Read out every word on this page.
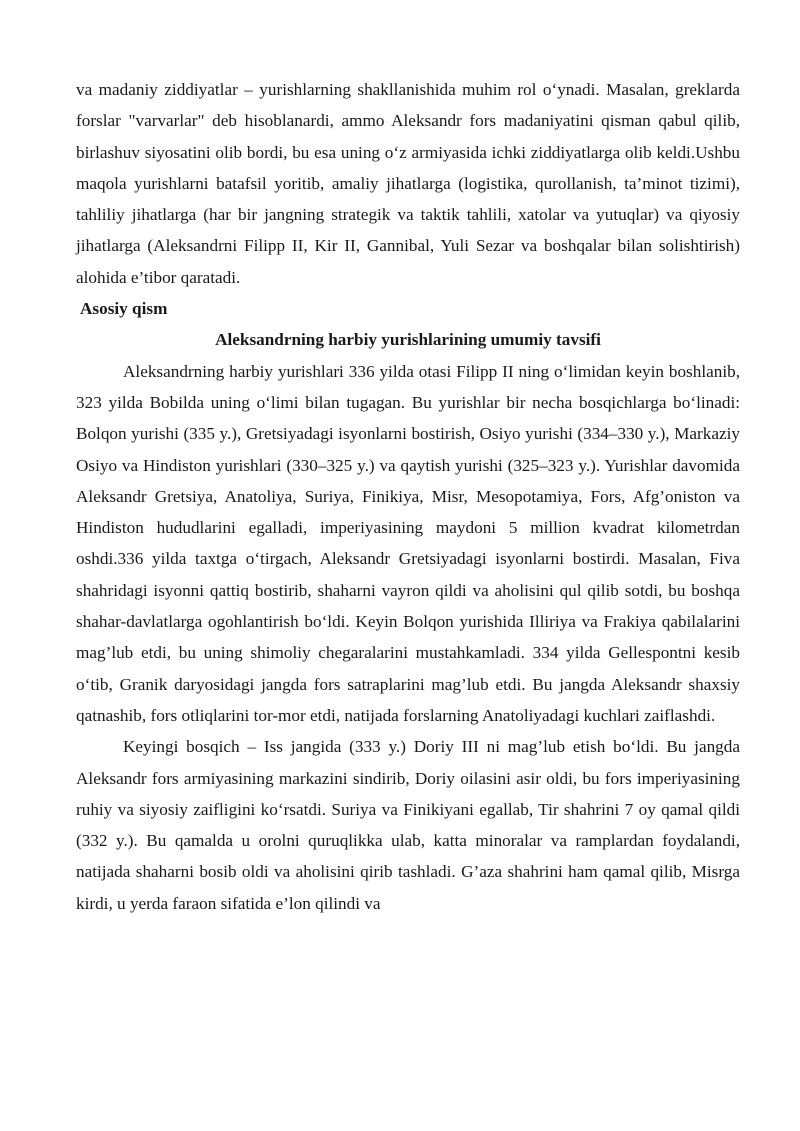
va madaniy ziddiyatlar – yurishlarning shakllanishida muhim rol o‘ynadi. Masalan, greklarda forslar "varvarlar" deb hisoblanardi, ammo Aleksandr fors madaniyatini qisman qabul qilib, birlashuv siyosatini olib bordi, bu esa uning o‘z armiyasida ichki ziddiyatlarga olib keldi.Ushbu maqola yurishlarni batafsil yoritib, amaliy jihatlarga (logistika, qurollanish, ta’minot tizimi), tahliliy jihatlarga (har bir jangning strategik va taktik tahlili, xatolar va yutuqlar) va qiyosiy jihatlarga (Aleksandrni Filipp II, Kir II, Gannibal, Yuli Sezar va boshqalar bilan solishtirish) alohida e’tibor qaratadi.

Asosiy qism
Aleksandrning harbiy yurishlarining umumiy tavsifi

Aleksandrning harbiy yurishlari 336 yilda otasi Filipp II ning o‘limidan keyin boshlanib, 323 yilda Bobilda uning o‘limi bilan tugagan. Bu yurishlar bir necha bosqichlarga bo‘linadi: Bolqon yurishi (335 y.), Gretsiyadagi isyonlarni bostirish, Osiyo yurishi (334–330 y.), Markaziy Osiyo va Hindiston yurishlari (330–325 y.) va qaytish yurishi (325–323 y.). Yurishlar davomida Aleksandr Gretsiya, Anatoliya, Suriya, Finikiya, Misr, Mesopotamiya, Fors, Afg’oniston va Hindiston hududlarini egalladi, imperiyasining maydoni 5 million kvadrat kilometrdan oshdi.336 yilda taxtga o‘tirgach, Aleksandr Gretsiyadagi isyonlarni bostirdi. Masalan, Fiva shahridagi isyonni qattiq bostirib, shaharni vayron qildi va aholisini qul qilib sotdi, bu boshqa shahar-davlatlarga ogohlantirish bo‘ldi. Keyin Bolqon yurishida Illiriya va Frakiya qabilalarini mag’lub etdi, bu uning shimoliy chegaralarini mustahkamladi. 334 yilda Gellespontni kesib o‘tib, Granik daryosidagi jangda fors satraplarini mag’lub etdi. Bu jangda Aleksandr shaxsiy qatnashib, fors otliqlarini tor-mor etdi, natijada forslarning Anatoliyadagi kuchlari zaiflashdi.

Keyingi bosqich – Iss jangida (333 y.) Doriy III ni mag’lub etish bo‘ldi. Bu jangda Aleksandr fors armiyasining markazini sindirib, Doriy oilasini asir oldi, bu fors imperiyasining ruhiy va siyosiy zaifligini ko‘rsatdi. Suriya va Finikiyani egallab, Tir shahrini 7 oy qamal qildi (332 y.). Bu qamalda u orolni quruqlikka ulab, katta minoralar va ramplardan foydalandi, natijada shaharni bosib oldi va aholisini qirib tashladi. G’aza shahrini ham qamal qilib, Misrga kirdi, u yerda faraon sifatida e’lon qilindi va
